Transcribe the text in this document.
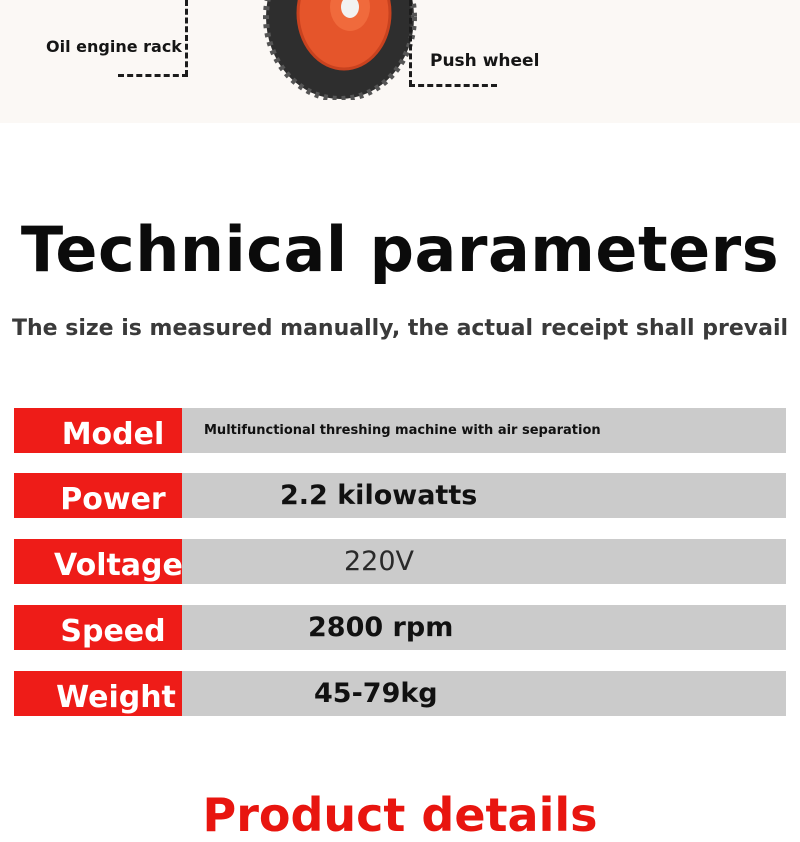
Oil engine rack
Push wheel
Technical parameters
The size is measured manually, the actual receipt shall prevail
Model	Multifunctional threshing machine with air separation
Power	2.2 kilowatts
Voltage	220V
Speed	2800 rpm
Weight	45-79kg
Product details
